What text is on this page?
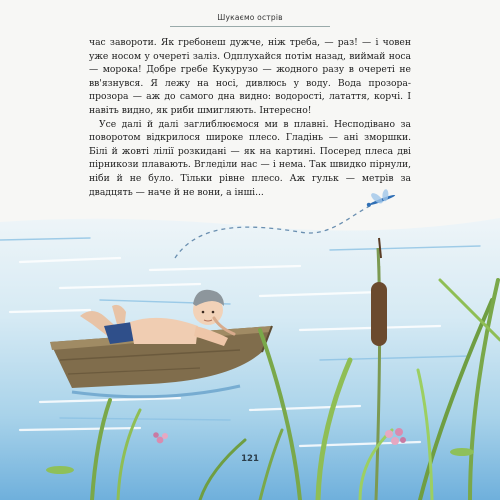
Шукаємо острів

час завороти. Як гребонеш дужче, ніж треба, — раз! — і човен уже носом у очереті заліз. Одплухайся потім назад, виймай носа — морока! Добре гребе Кукурузо — жодного разу в очереті не вв'язнувся. Я лежу на носі, дивлюсь у воду. Вода прозора-прозора — аж до самого дна видно: водорості, латаття, корчі. І навіть видно, як риби шмигляють. Інтересно!

Усе далі й далі заглиблюємося ми в плавні. Несподівано за поворотом відкрилося широке плесо. Гладінь — ані зморшки. Білі й жовті лілії розкидані — як на картині. Посеред плеса дві пірникози плавають. Вгледіли нас — і нема. Так швидко пірнули, ніби й не було. Тільки рівне плесо. Аж гульк — метрів за двадцять — наче й не вони, а інші...

121
